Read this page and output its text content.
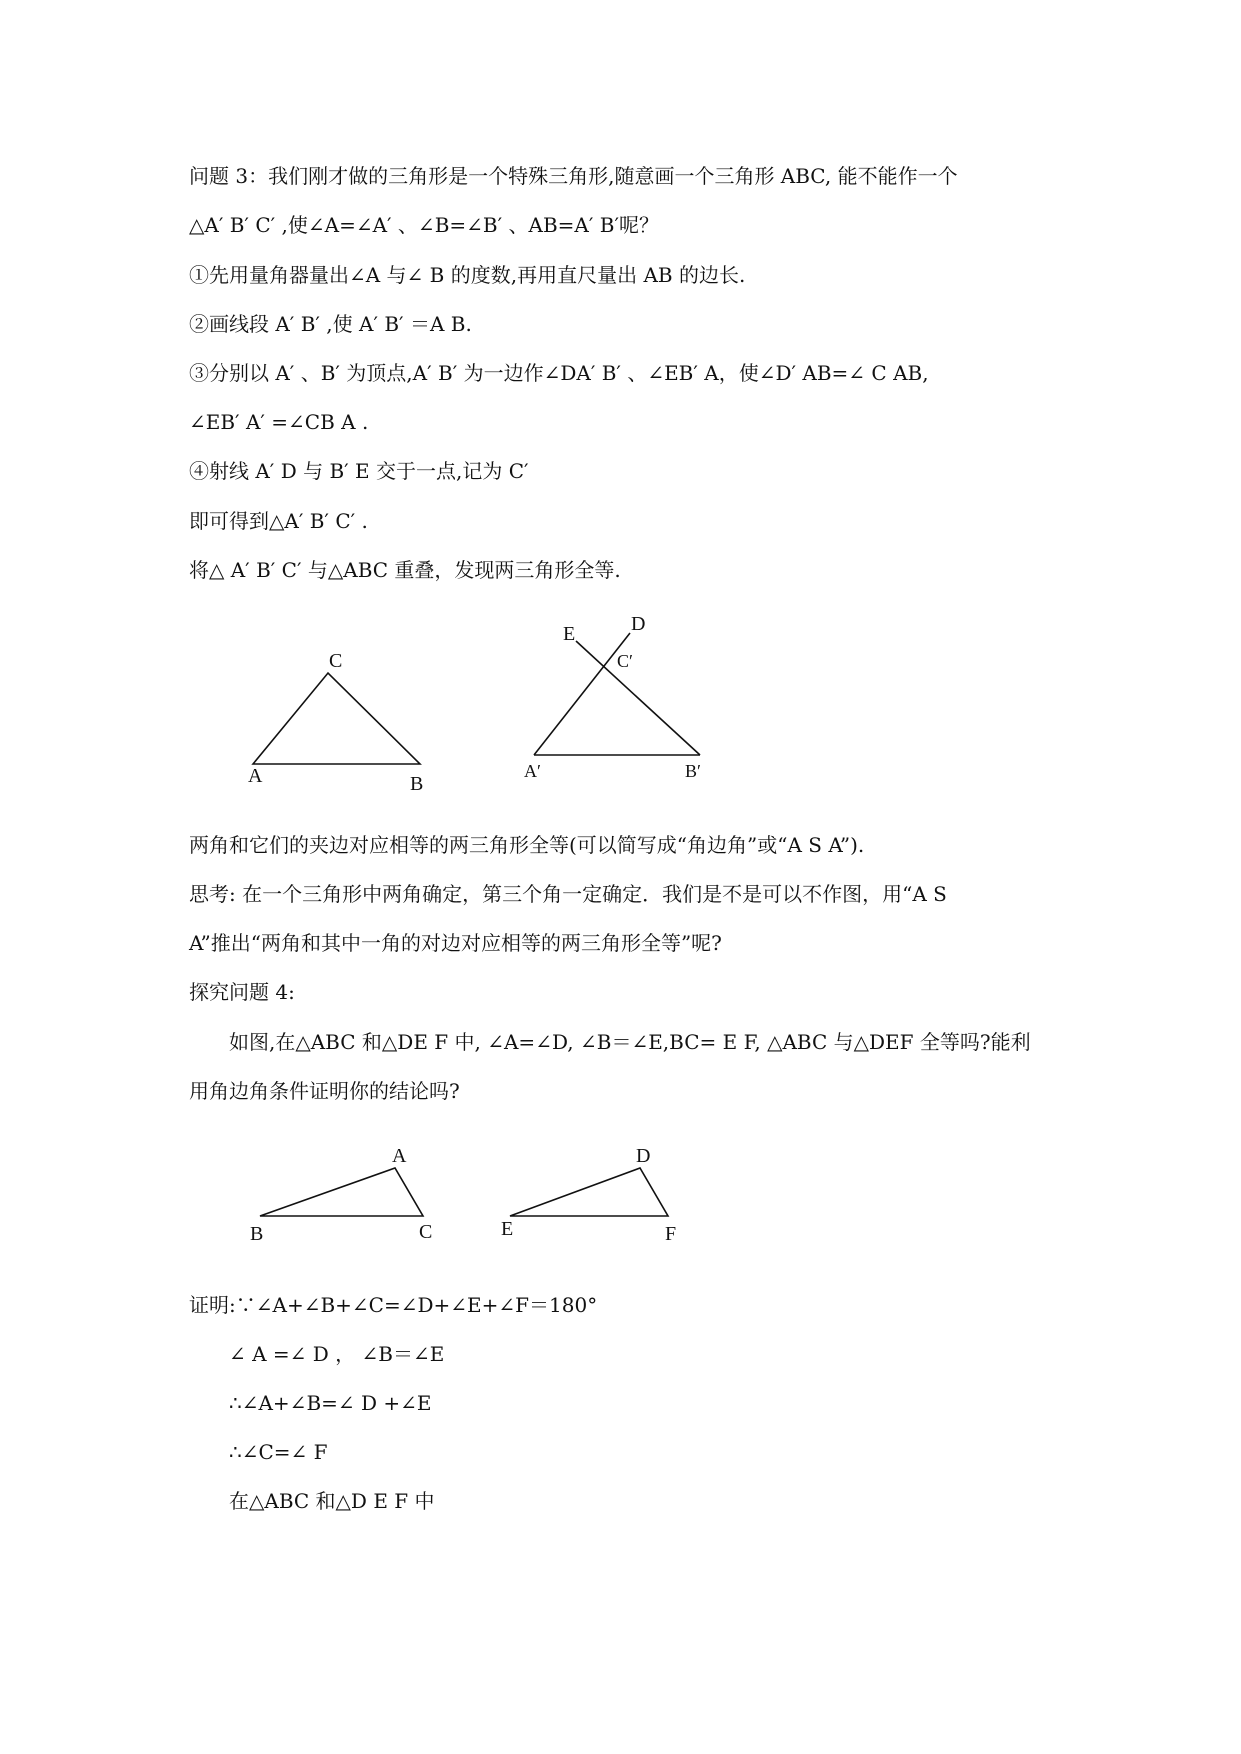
问题 3：我们刚才做的三角形是一个特殊三角形,随意画一个三角形 ABC, 能不能作一个
△A′ B′ C′ ,使∠A=∠A′ 、∠B=∠B′ 、AB=A′ B′呢？
①先用量角器量出∠A 与∠ B 的度数,再用直尺量出 AB 的边长.
②画线段 A′ B′ ,使 A′ B′ ＝A B.
③分别以 A′ 、B′ 为顶点,A′ B′ 为一边作∠DA′ B′ 、∠EB′ A，使∠D′ AB=∠ C AB,
∠EB′ A′ =∠CB A .
④射线 A′ D 与 B′ E 交于一点,记为 C′
即可得到△A′ B′ C′ .
将△ A′ B′ C′ 与△ABC 重叠，发现两三角形全等.
C
A	B
D
E
C′
A′	B′
两角和它们的夹边对应相等的两三角形全等(可以简写成“角边角”或“A S A”).
思考: 在一个三角形中两角确定，第三个角一定确定．我们是不是可以不作图，用“A S
A”推出“两角和其中一角的对边对应相等的两三角形全等”呢?
探究问题 4:
如图,在△ABC 和△DE F 中, ∠A=∠D, ∠B＝∠E,BC= E F, △ABC 与△DEF 全等吗?能利
用角边角条件证明你的结论吗?
A
B	C
D
E	F
证明:∵∠A+∠B+∠C=∠D+∠E+∠F＝180°
∠ A =∠ D ， ∠B＝∠E
∴∠A+∠B=∠ D +∠E
∴∠C=∠ F
在△ABC 和△D E F 中
